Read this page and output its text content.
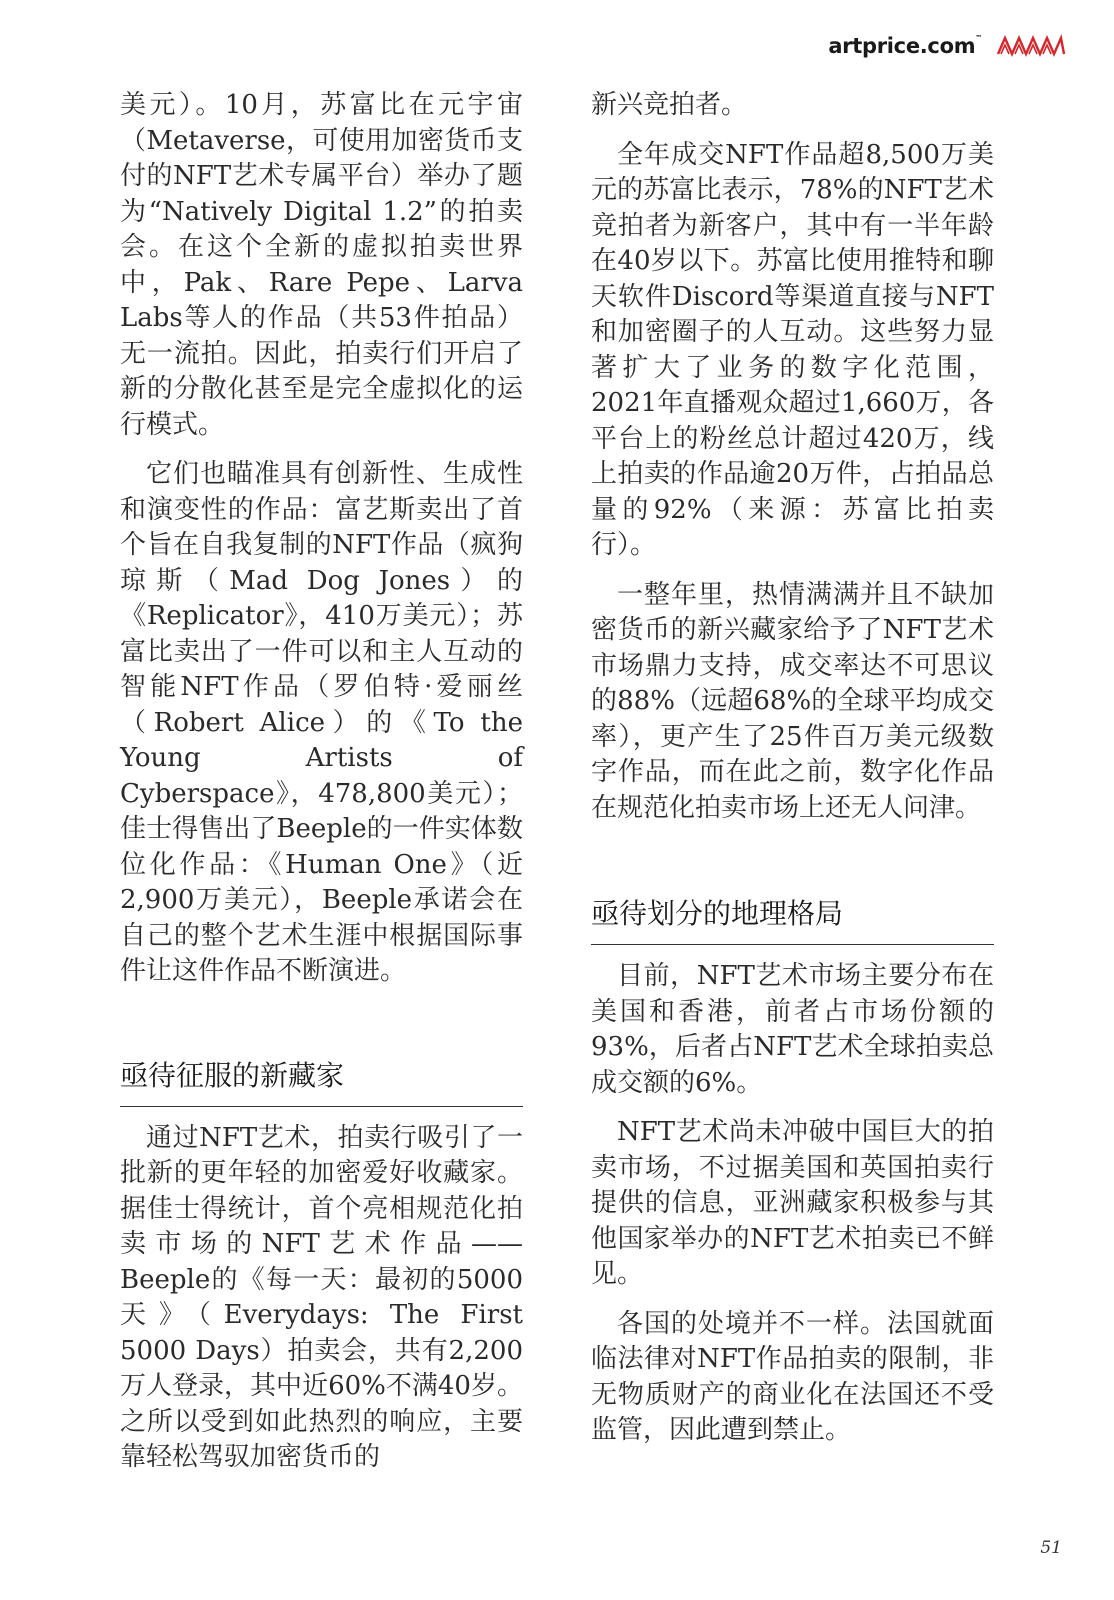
artprice.com™

美元）。10月，苏富比在元宇宙（Metaverse，可使用加密货币支付的NFT艺术专属平台）举办了题为“Natively Digital 1.2”的拍卖会。在这个全新的虚拟拍卖世界中，Pak、Rare Pepe、Larva Labs等人的作品（共53件拍品）无一流拍。因此，拍卖行们开启了新的分散化甚至是完全虚拟化的运行模式。

它们也瞄准具有创新性、生成性和演变性的作品：富艺斯卖出了首个旨在自我复制的NFT作品（疯狗琼斯（Mad Dog Jones）的《Replicator》，410万美元）；苏富比卖出了一件可以和主人互动的智能NFT作品（罗伯特·爱丽丝（Robert Alice）的《To the Young Artists of Cyberspace》，478,800美元）；佳士得售出了Beeple的一件实体数位化作品：《Human One》（近2,900万美元），Beeple承诺会在自己的整个艺术生涯中根据国际事件让这件作品不断演进。

亟待征服的新藏家

通过NFT艺术，拍卖行吸引了一批新的更年轻的加密爱好收藏家。据佳士得统计，首个亮相规范化拍卖市场的NFT艺术作品——Beeple的《每一天：最初的5000天》（Everydays: The First 5000 Days）拍卖会，共有2,200万人登录，其中近60%不满40岁。之所以受到如此热烈的响应，主要靠轻松驾驭加密货币的

新兴竞拍者。

全年成交NFT作品超8,500万美元的苏富比表示，78%的NFT艺术竞拍者为新客户，其中有一半年龄在40岁以下。苏富比使用推特和聊天软件Discord等渠道直接与NFT和加密圈子的人互动。这些努力显著扩大了业务的数字化范围，2021年直播观众超过1,660万，各平台上的粉丝总计超过420万，线上拍卖的作品逾20万件，占拍品总量的92%（来源：苏富比拍卖行）。

一整年里，热情满满并且不缺加密货币的新兴藏家给予了NFT艺术市场鼎力支持，成交率达不可思议的88%（远超68%的全球平均成交率），更产生了25件百万美元级数字作品，而在此之前，数字化作品在规范化拍卖市场上还无人问津。

亟待划分的地理格局

目前，NFT艺术市场主要分布在美国和香港，前者占市场份额的93%，后者占NFT艺术全球拍卖总成交额的6%。

NFT艺术尚未冲破中国巨大的拍卖市场，不过据美国和英国拍卖行提供的信息，亚洲藏家积极参与其他国家举办的NFT艺术拍卖已不鲜见。

各国的处境并不一样。法国就面临法律对NFT作品拍卖的限制，非无物质财产的商业化在法国还不受监管，因此遭到禁止。

51
